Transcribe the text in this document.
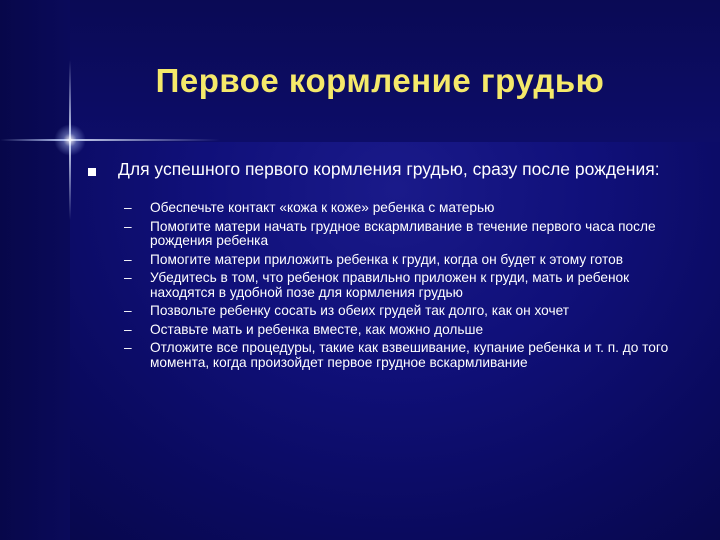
Первое кормление грудью
Для успешного первого кормления грудью, сразу после рождения:
– Обеспечьте контакт «кожа к коже» ребенка с матерью
– Помогите матери начать грудное вскармливание в течение первого часа после рождения ребенка
– Помогите матери приложить ребенка к груди, когда он будет к этому готов
– Убедитесь в том, что ребенок правильно приложен к груди, мать и ребенок находятся в удобной позе для кормления грудью
– Позвольте ребенку сосать из обеих грудей так долго, как он хочет
– Оставьте мать и ребенка вместе, как можно дольше
– Отложите все процедуры, такие как взвешивание, купание ребенка и т. п. до того момента, когда произойдет первое грудное вскармливание
